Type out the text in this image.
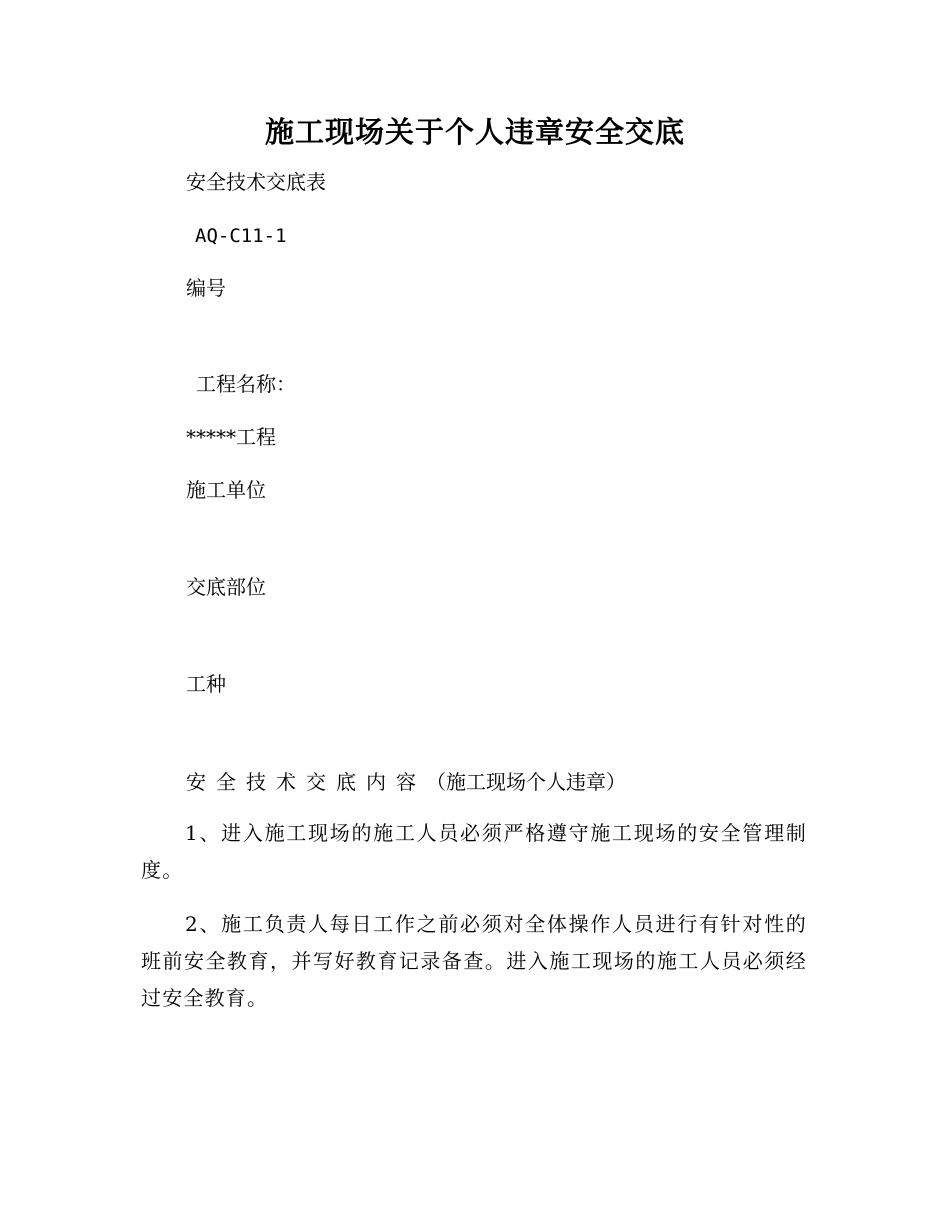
施工现场关于个人违章安全交底
安全技术交底表
AQ-C11-1
编号
工程名称：
*****工程
施工单位
交底部位
工种
安全技术交底内容（施工现场个人违章）
1、进入施工现场的施工人员必须严格遵守施工现场的安全管理制度。
2、施工负责人每日工作之前必须对全体操作人员进行有针对性的班前安全教育，并写好教育记录备查。进入施工现场的施工人员必须经过安全教育。
